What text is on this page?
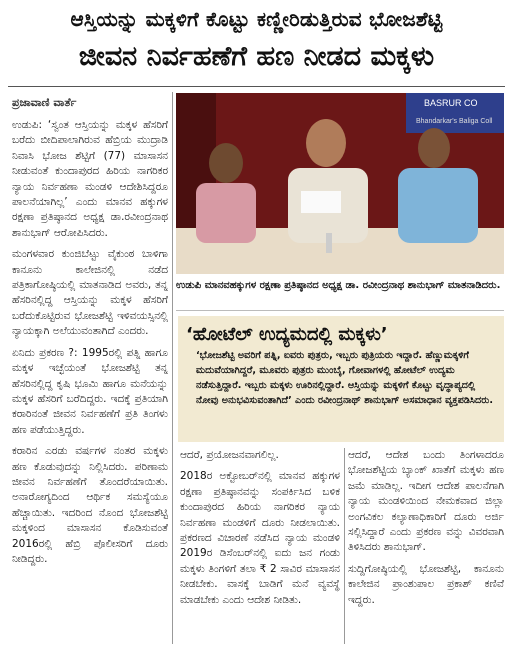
ಆಸ್ತಿಯನ್ನು ಮಕ್ಕಳಿಗೆ ಕೊಟ್ಟು ಕಣ್ಣೀರಿಡುತ್ತಿರುವ ಭೋಜಶೆಟ್ಟಿ
ಜೀವನ ನಿರ್ವಹಣೆಗೆ ಹಣ ನೀಡದ ಮಕ್ಕಳು
ಪ್ರಜಾವಾಣಿ ವಾರ್ತೆ

ಉಡುಪಿ: ‘ಸ್ವಂತ ಆಸ್ತಿಯನ್ನು ಮಕ್ಕಳ ಹೆಸರಿಗೆ ಬರೆದು ಬೀದಿಪಾಲಾಗಿರುವ ಹೆಬ್ರಿಯ ಮುದ್ರಾಡಿ ನಿವಾಸಿ ಭೋಜ ಶೆಟ್ಟಿಗೆ (77) ಮಾಸಾಸನ ನೀಡುವಂತೆ ಕುಂದಾಪುರದ ಹಿರಿಯ ನಾಗರಿಕರ ನ್ಯಾಯ ನಿರ್ವಹಣಾ ಮಂಡಳಿ ಆದೇಶಿಸಿದ್ದರೂ ಪಾಲನೆಯಾಗಿಲ್ಲ’ ಎಂದು ಮಾನವ ಹಕ್ಕುಗಳ ರಕ್ಷಣಾ ಪ್ರತಿಷ್ಠಾನದ ಅಧ್ಯಕ್ಷ ಡಾ.ರವೀಂದ್ರನಾಥ ಶಾನುಭಾಗ್ ಆರೋಪಿಸಿದರು.

ಮಂಗಳವಾರ ಕುಂಜಿಬೆಟ್ಟು ವೈಕುಂಠ ಬಾಳಿಗಾ ಕಾನೂನು ಕಾಲೇಜಿನಲ್ಲಿ ನಡೆದ ಪತ್ರಿಕಾಗೋಷ್ಠಿಯಲ್ಲಿ ಮಾತನಾಡಿದ ಅವರು, ತನ್ನ ಹೆಸರಿನಲ್ಲಿದ್ದ ಆಸ್ತಿಯನ್ನು ಮಕ್ಕಳ ಹೆಸರಿಗೆ ಬರೆದುಕೊಟ್ಟಿರುವ ಭೋಜಶೆಟ್ಟಿ ಇಳಿವಯಸ್ಸಿನಲ್ಲಿ ನ್ಯಾಯಕ್ಕಾಗಿ ಅಲೆಯುವಂತಾಗಿದೆ ಎಂದರು.

ಏನಿದು ಪ್ರಕರಣ ?: 1995ರಲ್ಲಿ ಪತ್ನಿ ಹಾಗೂ ಮಕ್ಕಳ ಇಚ್ಛೆಯಂತೆ ಭೋಜಶೆಟ್ಟಿ ತನ್ನ ಹೆಸರಿನಲ್ಲಿದ್ದ ಕೃಷಿ ಭೂಮಿ ಹಾಗೂ ಮನೆಯನ್ನು ಮಕ್ಕಳ ಹೆಸರಿಗೆ ಬರೆದಿದ್ದರು. ಇದಕ್ಕೆ ಪ್ರತಿಯಾಗಿ ಕರಾರಿನಂತೆ ಜೀವನ ನಿರ್ವಹಣೆಗೆ ಪ್ರತಿ ತಿಂಗಳು ಹಣ ಪಡೆಯುತ್ತಿದ್ದರು.

ಕರಾರಿನ ಎರಡು ವರ್ಷಗಳ ನಂತರ ಮಕ್ಕಳು ಹಣ ಕೊಡುವುದನ್ನು ನಿಲ್ಲಿಸಿದರು. ಪರಿಣಾಮ ಜೀವನ ನಿರ್ವಹಣೆಗೆ ತೊಂದರೆಯಾಯಿತು. ಅನಾರೋಗ್ಯದಿಂದ ಆರ್ಥಿಕ ಸಮಸ್ಯೆಯೂ ಹೆಚ್ಚಾಯಿತು. ಇದರಿಂದ ನೊಂದ ಭೋಜಶೆಟ್ಟಿ ಮಕ್ಕಳಿಂದ ಮಾಸಾಸನ ಕೊಡಿಸುವಂತೆ 2016ರಲ್ಲಿ ಹೆಬ್ರಿ ಪೊಲೀಸರಿಗೆ ದೂರು ನೀಡಿದ್ದರು.

BASRUR CO
Bhandarkar's Baliga Coll
ಉಡುಪಿ ಮಾನವಹಕ್ಕುಗಳ ರಕ್ಷಣಾ ಪ್ರತಿಷ್ಠಾನದ ಅಧ್ಯಕ್ಷ ಡಾ. ರವೀಂದ್ರನಾಥ ಶಾನುಭಾಗ್ ಮಾತನಾಡಿದರು.
‘ಹೋಟೆಲ್ ಉದ್ಯಮದಲ್ಲಿ ಮಕ್ಕಳು’
‘ಭೋಜಶೆಟ್ಟಿ ಅವರಿಗೆ ಪತ್ನಿ, ಐವರು ಪುತ್ರರು, ಇಬ್ಬರು ಪುತ್ರಿಯರು ಇದ್ದಾರೆ. ಹೆಣ್ಣುಮಕ್ಕಳಿಗೆ ಮದುವೆಯಾಗಿದ್ದರೆ, ಮೂವರು ಪುತ್ರರು ಮುಂಬೈ, ಗೋವಾಗಳಲ್ಲಿ ಹೋಟೆಲ್ ಉದ್ಯಮ ನಡೆಸುತ್ತಿದ್ದಾರೆ. ಇಬ್ಬರು ಮಕ್ಕಳು ಊರಿನಲ್ಲಿದ್ದಾರೆ. ಆಸ್ತಿಯನ್ನು ಮಕ್ಕಳಿಗೆ ಕೊಟ್ಟು ವೃದ್ಧಾಪ್ಯದಲ್ಲಿ ನೋವು ಅನುಭವಿಸುವಂತಾಗಿದೆ’ ಎಂದು ರವೀಂದ್ರನಾಥ್ ಶಾನುಭಾಗ್ ಅಸಮಾಧಾನ ವ್ಯಕ್ತಪಡಿಸಿದರು.

ಆದರೆ, ಪ್ರಯೋಜನವಾಗಲಿಲ್ಲ.

2018ರ ಅಕ್ಟೋಬರ್‌ನಲ್ಲಿ ಮಾನವ ಹಕ್ಕುಗಳ ರಕ್ಷಣಾ ಪ್ರತಿಷ್ಠಾನವನ್ನು ಸಂಪರ್ಕಿಸಿದ ಬಳಿಕ ಕುಂದಾಪುರದ ಹಿರಿಯ ನಾಗರಿಕರ ನ್ಯಾಯ ನಿರ್ವಹಣಾ ಮಂಡಳಿಗೆ ದೂರು ನೀಡಲಾಯಿತು. ಪ್ರಕರಣದ ವಿಚಾರಣೆ ನಡೆಸಿದ ನ್ಯಾಯ ಮಂಡಳಿ 2019ರ ಡಿಸೆಂಬರ್‌ನಲ್ಲಿ ಐದು ಜನ ಗಂಡು ಮಕ್ಕಳು ತಿಂಗಳಿಗೆ ತಲಾ ₹ 2 ಸಾವಿರ ಮಾಸಾಸನ ನೀಡಬೇಕು. ವಾಸಕ್ಕೆ ಬಾಡಿಗೆ ಮನೆ ವ್ಯವಸ್ಥೆ ಮಾಡಬೇಕು ಎಂದು ಆದೇಶ ನೀಡಿತು.

ಆದರೆ, ಆದೇಶ ಬಂದು ತಿಂಗಳಾದರೂ ಭೋಜಶೆಟ್ಟಿಯ ಬ್ಯಾಂಕ್ ಖಾತೆಗೆ ಮಕ್ಕಳು ಹಣ ಜಮೆ ಮಾಡಿಲ್ಲ. ಇದೀಗ ಆದೇಶ ಪಾಲನೆಗಾಗಿ ನ್ಯಾಯ ಮಂಡಳಿಯಿಂದ ನೇಮಕವಾದ ಜಿಲ್ಲಾ ಅಂಗವಿಕಲ ಕಲ್ಯಾಣಾಧಿಕಾರಿಗೆ ದೂರು ಅರ್ಜಿ ಸಲ್ಲಿಸಿದ್ದಾರೆ ಎಂದು ಪ್ರಕರಣ ವನ್ನು ವಿವರವಾಗಿ ತಿಳಿಸಿದರು ಶಾನುಭಾಗ್.

ಸುದ್ದಿಗೋಷ್ಠಿಯಲ್ಲಿ ಭೋಜಶೆಟ್ಟಿ, ಕಾನೂನು ಕಾಲೇಜಿನ ಪ್ರಾಂಶುಪಾಲ ಪ್ರಕಾಶ್ ಕಣಿವೆ ಇದ್ದರು.
